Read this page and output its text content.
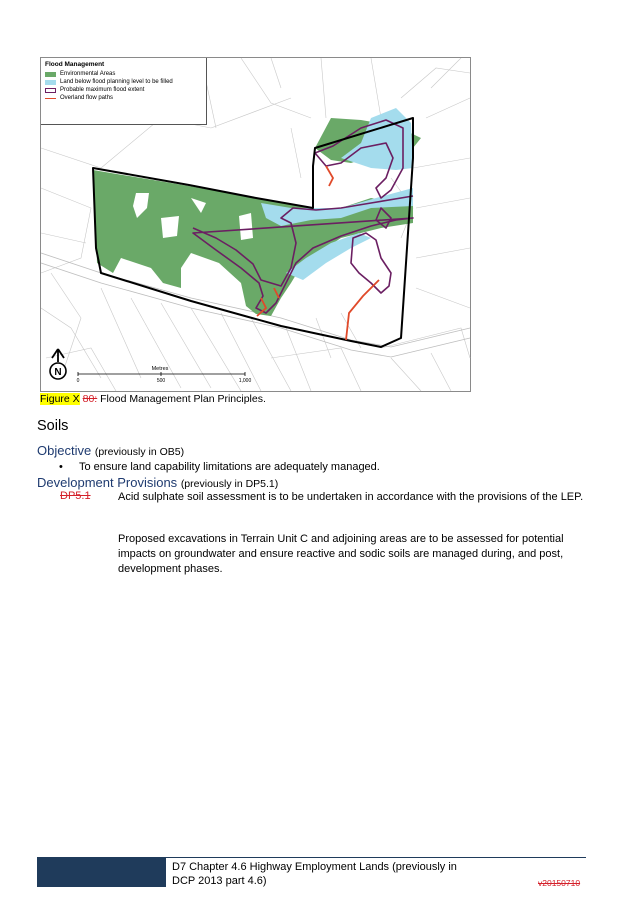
Flood Management
Environmental Areas
Land below flood planning level to be filled
Probable maximum flood extent
Overland flow paths
N	Metres
0	500	1,000
Figure X 80: Flood Management Plan Principles.
Soils
Objective (previously in OB5)
• To ensure land capability limitations are adequately managed.
Development Provisions (previously in DP5.1)
DP5.1 Acid sulphate soil assessment is to be undertaken in accordance with the provisions of the LEP.

Proposed excavations in Terrain Unit C and adjoining areas are to be assessed for potential impacts on groundwater and ensure reactive and sodic soils are managed during, and post, development phases.

D7 Chapter 4.6 Highway Employment Lands (previously in DCP 2013 part 4.6)	v20150710
